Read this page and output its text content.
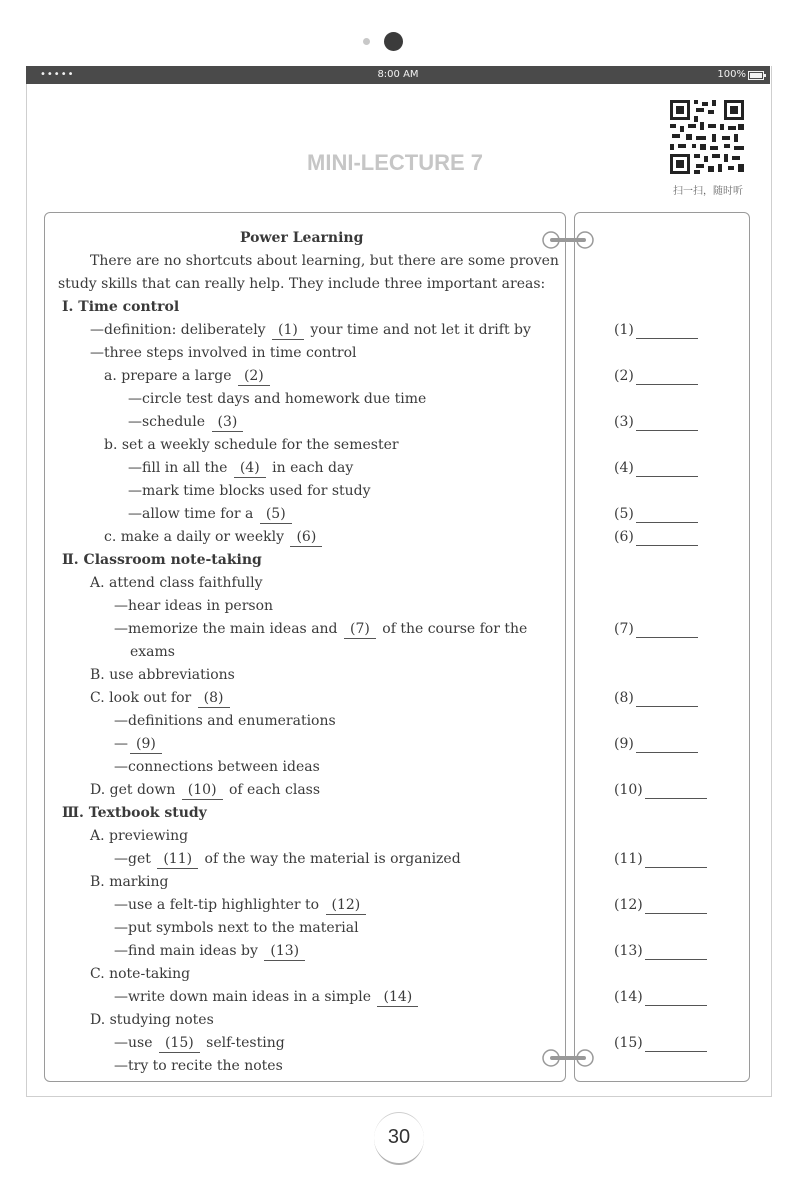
•••••	8:00 AM	100%
MINI-LECTURE 7
扫一扫，随时听
Power Learning
There are no shortcuts about learning, but there are some proven
study skills that can really help. They include three important areas:
Ⅰ. Time control
—definition: deliberately (1) your time and not let it drift by
—three steps involved in time control
a. prepare a large (2)
—circle test days and homework due time
—schedule (3)
b. set a weekly schedule for the semester
—fill in all the (4) in each day
—mark time blocks used for study
—allow time for a (5)
c. make a daily or weekly (6)
Ⅱ. Classroom note-taking
A. attend class faithfully
—hear ideas in person
—memorize the main ideas and (7) of the course for the
exams
B. use abbreviations
C. look out for (8)
—definitions and enumerations
— (9)
—connections between ideas
D. get down (10) of each class
Ⅲ. Textbook study
A. previewing
—get (11) of the way the material is organized
B. marking
—use a felt-tip highlighter to (12)
—put symbols next to the material
—find main ideas by (13)
C. note-taking
—write down main ideas in a simple (14)
D. studying notes
—use (15) self-testing
—try to recite the notes
(1)
(2)
(3)
(4)
(5)
(6)
(7)
(8)
(9)
(10)
(11)
(12)
(13)
(14)
(15)
30
